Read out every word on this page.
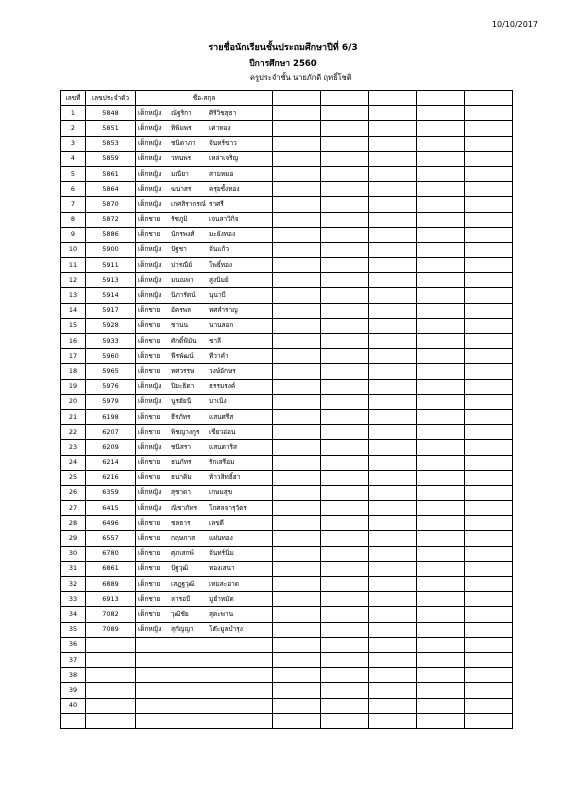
10/10/2017
รายชื่อนักเรียนชั้นประถมศึกษาปีที่ 6/3
ปีการศึกษา 2560
ครูประจำชั้น นายภักดี ฤทธิ์โชติ
เลขที่	เลขประจำตัว	ชื่อ-สกุล					
1	5848	เด็กหญิง ณัฐริกา ศิริวิชสุธา					
2	5851	เด็กหญิง ทิพิมพร เค่าทอง					
3	5853	เด็กหญิง ชนิดาภา จันทร์ขาว					
4	5859	เด็กหญิง วทนพร เหล่าเจริญ					
5	5861	เด็กหญิง มณียา สามหมอ					
6	5864	เด็กหญิง ฆนาสร ครุยชั้งทอง					
7	5870	เด็กหญิง เกศสิรากรณ์ ราศรี					
8	5872	เด็กชาย รัชภูมิ เจนสาวิกิจ					
9	5886	เด็กชาย นักรพงศ์ มะยังทอง					
10	5900	เด็กหญิง ปัฐชา จันแก้ว					
11	5911	เด็กหญิง ปารณีย์ โพธิ์ทอง					
12	5913	เด็กหญิง มนณพา สูงนิ่มย์					
13	5914	เด็กหญิง นิภารัตน์ นุนาบี					
14	5917	เด็กชาย อัครพล ทศสำราญ					
15	5928	เด็กชาย ชานน นานลอก					
16	5933	เด็กชาย ศักดิ์ฟ้มัน ชาลี					
17	5960	เด็กชาย ฟีรพัฒน์ ทีวาคำ					
18	5965	เด็กชาย ทศวรรษ วงษ์อักษร					
19	5976	เด็กหญิง ปิยะธิดา ธรรมรงค์					
20	5979	เด็กหญิง นูรฮัยนี บาเนิ่ง					
21	6198	เด็กชาย ธีรภัทร แสนศรีส					
22	6207	เด็กชาย พิชญางกูร เขียวอ่อน					
23	6209	เด็กหญิง ชนิสรา แสนตาริส					
24	6214	เด็กชาย ธนภัทร รักเสรีอม					
25	6216	เด็กชาย ธนาคิม ท้าวสิทธิ์ฮา					
26	6359	เด็กหญิง สุชาดา เกษมสุข					
27	6415	เด็กหญิง ณิชาภัทร โกศลจารุวัตร					
28	6496	เด็กชาย ชลธาร เลขดี					
29	6557	เด็กชาย กฤษภาส แผ่นทอง					
30	6780	เด็กชาย ศุภเสกพ์ จันทร์นิ่ม					
31	6861	เด็กชาย ปัฐวุฒิ ทองเสนา					
32	6889	เด็กชาย เสฏฐวุฒิ เทมสะอาด					
33	6913	เด็กชาย ลารอบี มูฮำหมัด					
34	7082	เด็กชาย วุฒิชัย สุดะพาน					
35	7089	เด็กหญิง สุกัญญา โต๊ะมูลบำรุง					
36							
37							
38							
39							
40							
